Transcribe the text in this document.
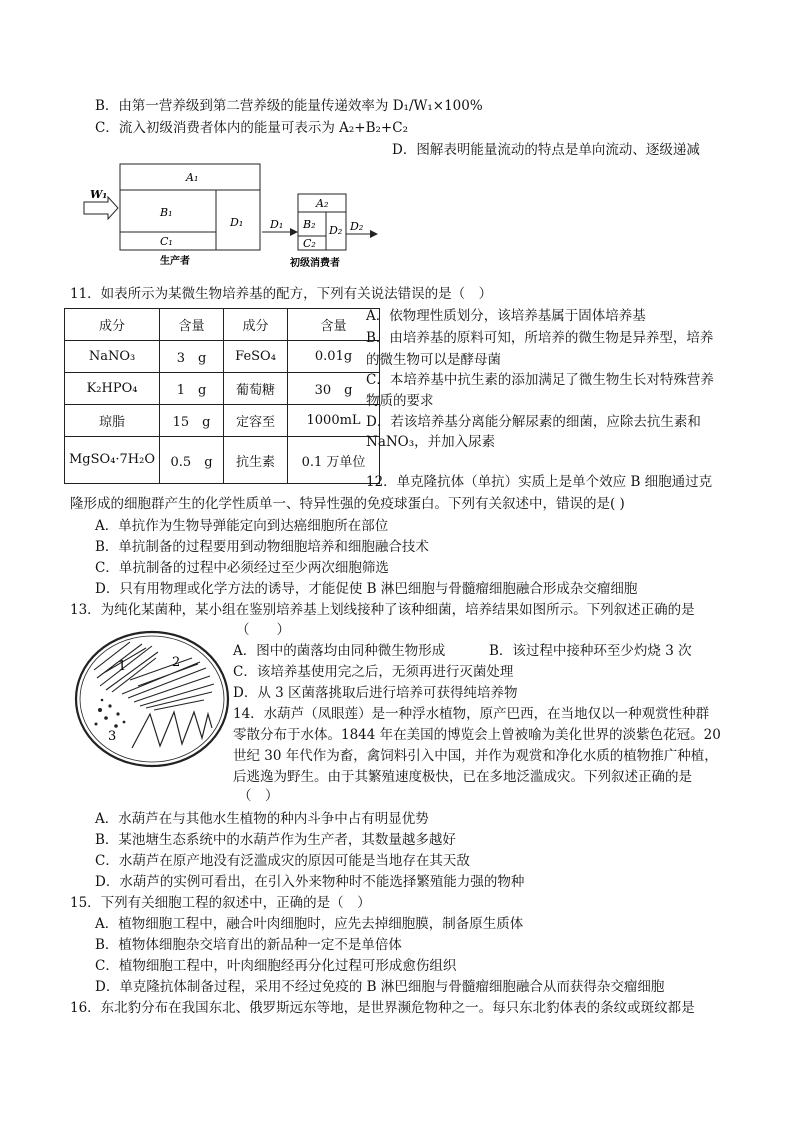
B．由第一营养级到第二营养级的能量传递效率为 D₁/W₁×100%
C．流入初级消费者体内的能量可表示为 A₂+B₂+C₂
D．图解表明能量流动的特点是单向流动、逐级递减
W₁
A₁
B₁
C₁
D₁
生产者
D₁
A₂
B₂
C₂
D₂ D₂
初级消费者
11．如表所示为某微生物培养基的配方，下列有关说法错误的是（　）
成分	含量	成分	含量
NaNO₃	3　g	FeSO₄	0.01g
K₂HPO₄	1　g	葡萄糖	30　g
琼脂	15　g	定容至	1000mL
MgSO₄·7H₂O	0.5　g	抗生素	0.1 万单位
A．依物理性质划分，该培养基属于固体培养基
B．由培养基的原料可知，所培养的微生物是异养型，培养
的微生物可以是酵母菌
C．本培养基中抗生素的添加满足了微生物生长对特殊营养
物质的要求
D．若该培养基分离能分解尿素的细菌，应除去抗生素和
NaNO₃，并加入尿素
12．单克隆抗体（单抗）实质上是单个效应 B 细胞通过克
隆形成的细胞群产生的化学性质单一、特异性强的免疫球蛋白。下列有关叙述中，错误的是( )
A．单抗作为生物导弹能定向到达癌细胞所在部位
B．单抗制备的过程要用到动物细胞培养和细胞融合技术
C．单抗制备的过程中必须经过至少两次细胞筛选
D．只有用物理或化学方法的诱导，才能促使 B 淋巴细胞与骨髓瘤细胞融合形成杂交瘤细胞
13．为纯化某菌种，某小组在鉴别培养基上划线接种了该种细菌，培养结果如图所示。下列叙述正确的是
（　　）
A．图中的菌落均由同种微生物形成	B．该过程中接种环至少灼烧 3 次
C．该培养基使用完之后，无须再进行灭菌处理
D．从 3 区菌落挑取后进行培养可获得纯培养物
1	2
3
14．水葫芦（凤眼莲）是一种浮水植物，原产巴西，在当地仅以一种观赏性种群
零散分布于水体。1844 年在美国的博览会上曾被喻为美化世界的淡紫色花冠。20
世纪 30 年代作为畜，禽饲料引入中国，并作为观赏和净化水质的植物推广种植，
后逃逸为野生。由于其繁殖速度极快，已在多地泛滥成灾。下列叙述正确的是
（　）
A．水葫芦在与其他水生植物的种内斗争中占有明显优势
B．某池塘生态系统中的水葫芦作为生产者，其数量越多越好
C．水葫芦在原产地没有泛滥成灾的原因可能是当地存在其天敌
D．水葫芦的实例可看出，在引入外来物种时不能选择繁殖能力强的物种
15．下列有关细胞工程的叙述中，正确的是（　）
A．植物细胞工程中，融合叶肉细胞时，应先去掉细胞膜，制备原生质体
B．植物体细胞杂交培育出的新品种一定不是单倍体
C．植物细胞工程中，叶肉细胞经再分化过程可形成愈伤组织
D．单克隆抗体制备过程，采用不经过免疫的 B 淋巴细胞与骨髓瘤细胞融合从而获得杂交瘤细胞
16．东北豹分布在我国东北、俄罗斯远东等地，是世界濒危物种之一。每只东北豹体表的条纹或斑纹都是
